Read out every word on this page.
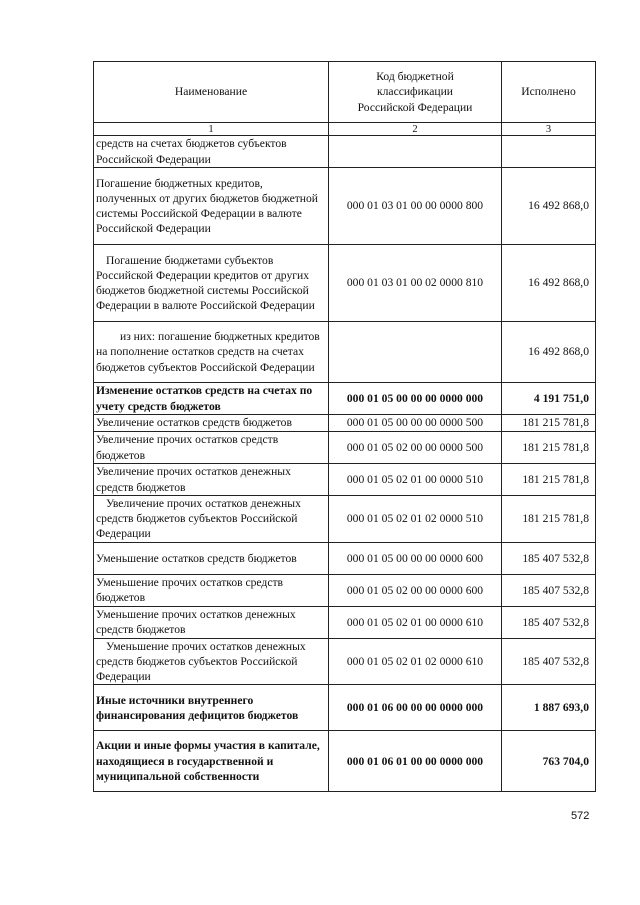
Наименование	Код бюджетной классификации Российской Федерации	Исполнено
1	2	3
средств на счетах бюджетов субъектов Российской Федерации		
Погашение бюджетных кредитов, полученных от других бюджетов бюджетной системы Российской Федерации в валюте Российской Федерации	000 01 03 01 00 00 0000 800	16 492 868,0
Погашение бюджетами субъектов Российской Федерации кредитов от других бюджетов бюджетной системы Российской Федерации в валюте Российской Федерации	000 01 03 01 00 02 0000 810	16 492 868,0
из них: погашение бюджетных кредитов на пополнение остатков средств на счетах бюджетов субъектов Российской Федерации		16 492 868,0
Изменение остатков средств на счетах по учету средств бюджетов	000 01 05 00 00 00 0000 000	4 191 751,0
Увеличение остатков средств бюджетов	000 01 05 00 00 00 0000 500	181 215 781,8
Увеличение прочих остатков средств бюджетов	000 01 05 02 00 00 0000 500	181 215 781,8
Увеличение прочих остатков денежных средств бюджетов	000 01 05 02 01 00 0000 510	181 215 781,8
Увеличение прочих остатков денежных средств бюджетов субъектов Российской Федерации	000 01 05 02 01 02 0000 510	181 215 781,8
Уменьшение остатков средств бюджетов	000 01 05 00 00 00 0000 600	185 407 532,8
Уменьшение прочих остатков средств бюджетов	000 01 05 02 00 00 0000 600	185 407 532,8
Уменьшение прочих остатков денежных средств бюджетов	000 01 05 02 01 00 0000 610	185 407 532,8
Уменьшение прочих остатков денежных средств бюджетов субъектов Российской Федерации	000 01 05 02 01 02 0000 610	185 407 532,8
Иные источники внутреннего финансирования дефицитов бюджетов	000 01 06 00 00 00 0000 000	1 887 693,0
Акции и иные формы участия в капитале, находящиеся в государственной и муниципальной собственности	000 01 06 01 00 00 0000 000	763 704,0
572
